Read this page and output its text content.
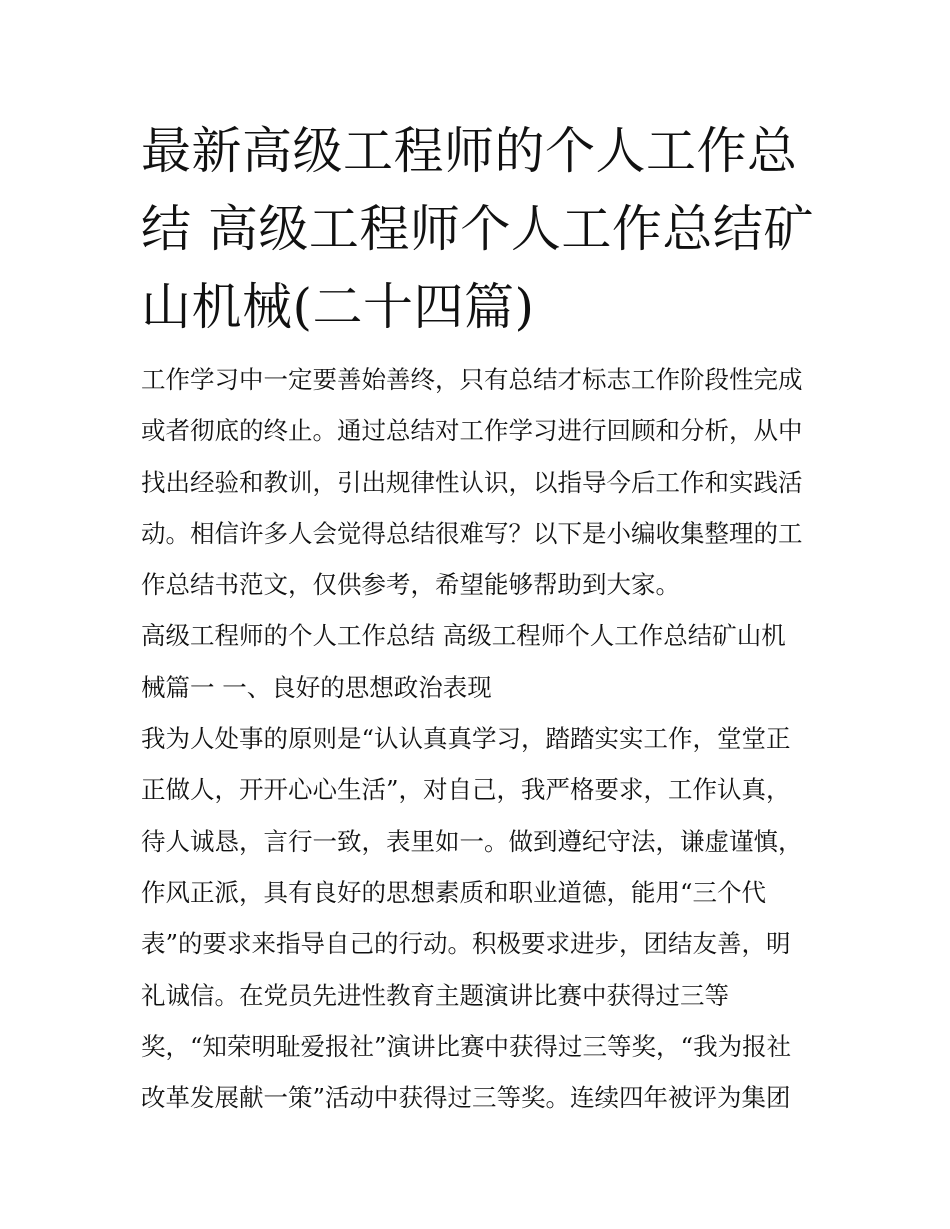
最新高级工程师的个人工作总
结 高级工程师个人工作总结矿
山机械(二十四篇)
工作学习中一定要善始善终，只有总结才标志工作阶段性完成
或者彻底的终止。通过总结对工作学习进行回顾和分析，从中
找出经验和教训，引出规律性认识，以指导今后工作和实践活
动。相信许多人会觉得总结很难写？以下是小编收集整理的工
作总结书范文，仅供参考，希望能够帮助到大家。
高级工程师的个人工作总结 高级工程师个人工作总结矿山机
械篇一 一、良好的思想政治表现
我为人处事的原则是“认认真真学习，踏踏实实工作，堂堂正
正做人，开开心心生活”，对自己，我严格要求，工作认真，
待人诚恳，言行一致，表里如一。做到遵纪守法，谦虚谨慎，
作风正派，具有良好的思想素质和职业道德，能用“三个代
表”的要求来指导自己的行动。积极要求进步，团结友善，明
礼诚信。在党员先进性教育主题演讲比赛中获得过三等
奖，“知荣明耻爱报社”演讲比赛中获得过三等奖，“我为报社
改革发展献一策”活动中获得过三等奖。连续四年被评为集团
